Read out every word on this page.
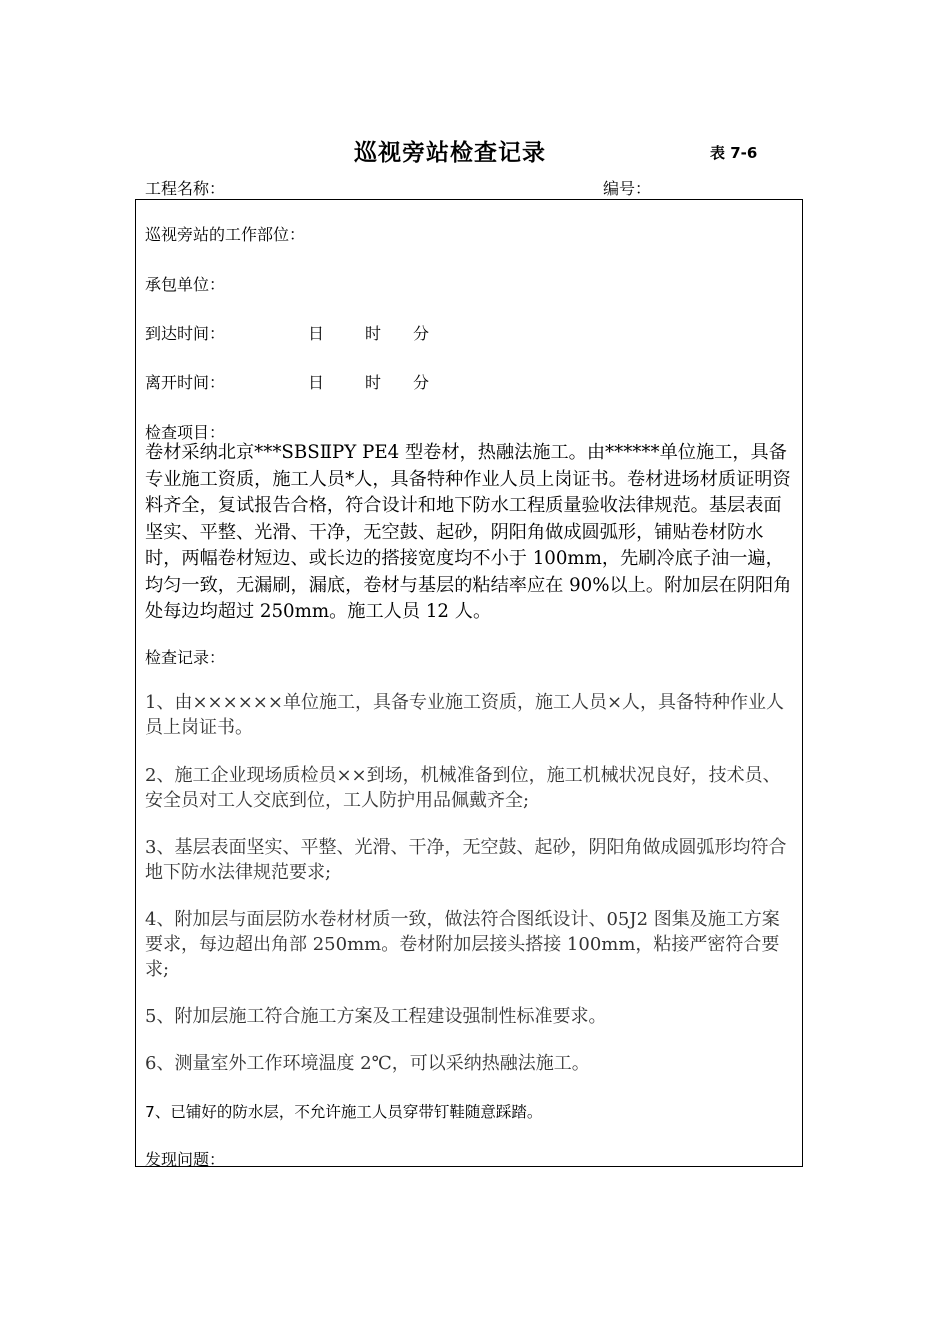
巡视旁站检查记录	表 7-6
工程名称：	编号：
巡视旁站的工作部位：
承包单位：
到达时间：	日	时 分
离开时间：	日	时 分
检查项目：
卷材采纳北京***SBSⅡPY PE4 型卷材，热融法施工。由******单位施工，具备专业施工资质，施工人员*人，具备特种作业人员上岗证书。卷材进场材质证明资料齐全，复试报告合格，符合设计和地下防水工程质量验收法律规范。基层表面坚实、平整、光滑、干净，无空鼓、起砂，阴阳角做成圆弧形，铺贴卷材防水时，两幅卷材短边、或长边的搭接宽度均不小于 100mm，先刷冷底子油一遍，均匀一致，无漏刷，漏底，卷材与基层的粘结率应在 90%以上。附加层在阴阳角处每边均超过 250mm。施工人员 12 人。
检查记录：
1、由××××××单位施工，具备专业施工资质，施工人员×人，具备特种作业人员上岗证书。
2、施工企业现场质检员××到场，机械准备到位，施工机械状况良好，技术员、安全员对工人交底到位，工人防护用品佩戴齐全;
3、基层表面坚实、平整、光滑、干净，无空鼓、起砂，阴阳角做成圆弧形均符合地下防水法律规范要求;
4、附加层与面层防水卷材材质一致，做法符合图纸设计、05J2 图集及施工方案要求，每边超出角部 250mm。卷材附加层接头搭接 100mm，粘接严密符合要求;
5、附加层施工符合施工方案及工程建设强制性标准要求。
6、测量室外工作环境温度 2℃，可以采纳热融法施工。
7、已铺好的防水层，不允许施工人员穿带钉鞋随意踩踏。
发现问题：
